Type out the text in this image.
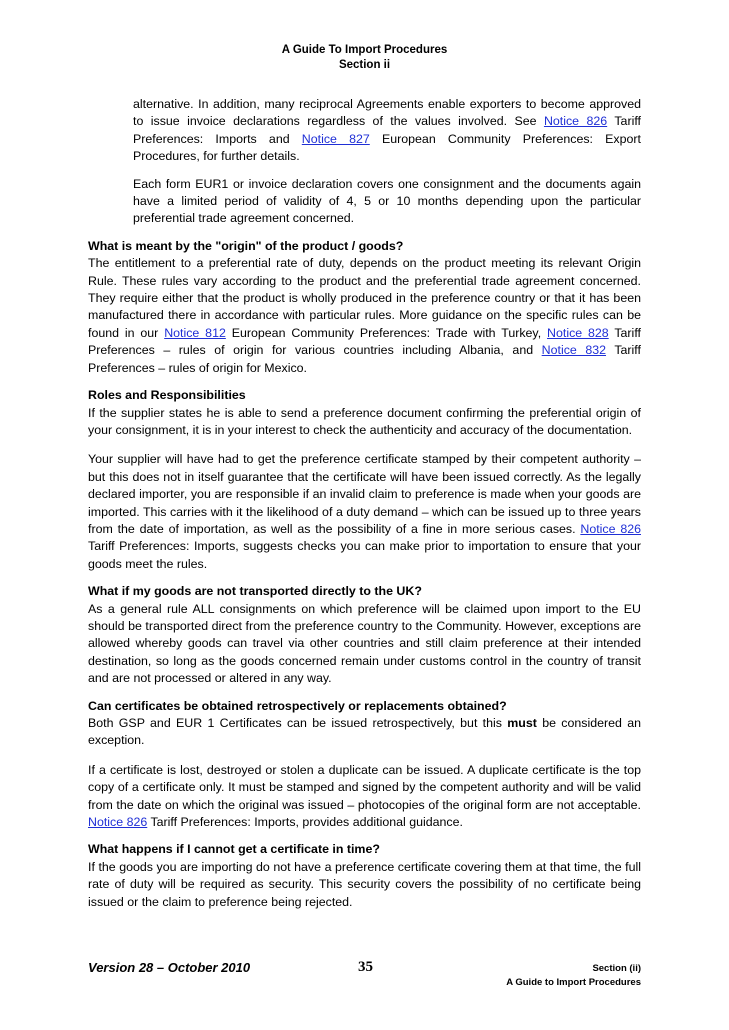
A Guide To Import Procedures
Section ii

alternative. In addition, many reciprocal Agreements enable exporters to become approved to issue invoice declarations regardless of the values involved. See Notice 826 Tariff Preferences: Imports and Notice 827 European Community Preferences: Export Procedures, for further details.

Each form EUR1 or invoice declaration covers one consignment and the documents again have a limited period of validity of 4, 5 or 10 months depending upon the particular preferential trade agreement concerned.

What is meant by the "origin" of the product / goods?

The entitlement to a preferential rate of duty, depends on the product meeting its relevant Origin Rule. These rules vary according to the product and the preferential trade agreement concerned. They require either that the product is wholly produced in the preference country or that it has been manufactured there in accordance with particular rules. More guidance on the specific rules can be found in our Notice 812 European Community Preferences: Trade with Turkey, Notice 828 Tariff Preferences – rules of origin for various countries including Albania, and Notice 832 Tariff Preferences – rules of origin for Mexico.

Roles and Responsibilities

If the supplier states he is able to send a preference document confirming the preferential origin of your consignment, it is in your interest to check the authenticity and accuracy of the documentation.

Your supplier will have had to get the preference certificate stamped by their competent authority – but this does not in itself guarantee that the certificate will have been issued correctly. As the legally declared importer, you are responsible if an invalid claim to preference is made when your goods are imported. This carries with it the likelihood of a duty demand – which can be issued up to three years from the date of importation, as well as the possibility of a fine in more serious cases. Notice 826 Tariff Preferences: Imports, suggests checks you can make prior to importation to ensure that your goods meet the rules.

What if my goods are not transported directly to the UK?

As a general rule ALL consignments on which preference will be claimed upon import to the EU should be transported direct from the preference country to the Community. However, exceptions are allowed whereby goods can travel via other countries and still claim preference at their intended destination, so long as the goods concerned remain under customs control in the country of transit and are not processed or altered in any way.

Can certificates be obtained retrospectively or replacements obtained?

Both GSP and EUR 1 Certificates can be issued retrospectively, but this must be considered an exception.

If a certificate is lost, destroyed or stolen a duplicate can be issued. A duplicate certificate is the top copy of a certificate only. It must be stamped and signed by the competent authority and will be valid from the date on which the original was issued – photocopies of the original form are not acceptable. Notice 826 Tariff Preferences: Imports, provides additional guidance.

What happens if I cannot get a certificate in time?

If the goods you are importing do not have a preference certificate covering them at that time, the full rate of duty will be required as security. This security covers the possibility of no certificate being issued or the claim to preference being rejected.

Version 28 – October 2010	35	Section (ii)
A Guide to Import Procedures
